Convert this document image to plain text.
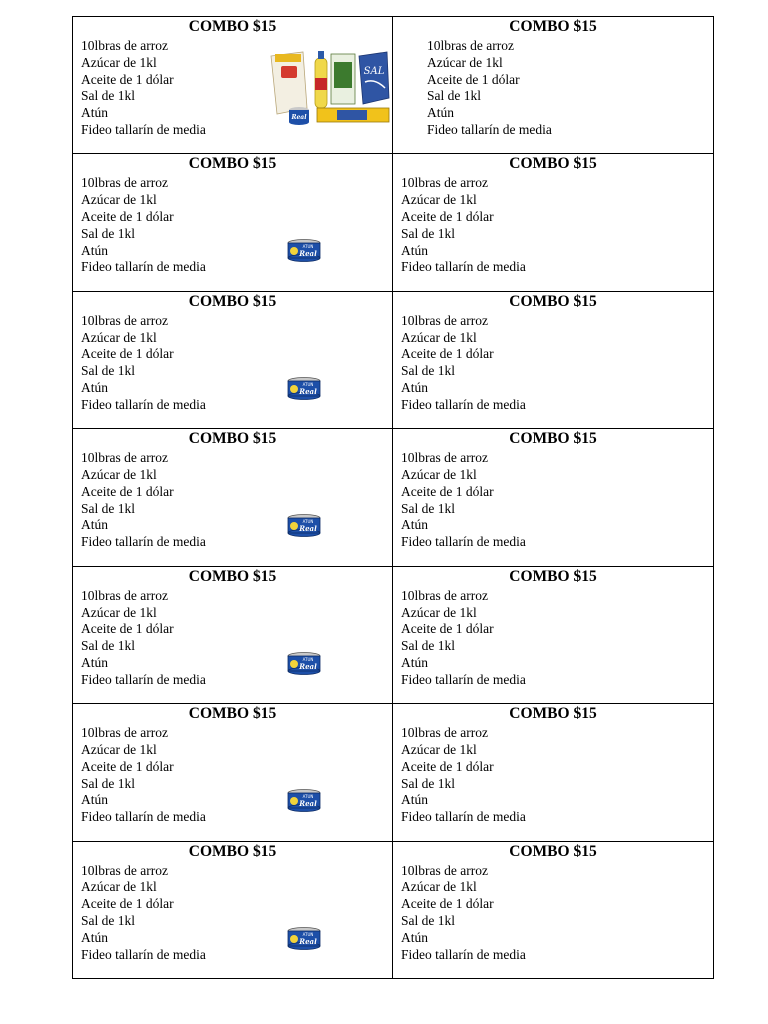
COMBO $15
10lbras de arroz
Azúcar de 1kl
Aceite de 1 dólar
Sal de 1kl
Atún
Fideo tallarín de media
SAL
Real
COMBO $15
10lbras de arroz
Azúcar de 1kl
Aceite de 1 dólar
Sal de 1kl
Atún
Fideo tallarín de media
COMBO $15
10lbras de arroz
Azúcar de 1kl
Aceite de 1 dólar
Sal de 1kl
Atún
Fideo tallarín de media
ATUN
Real
COMBO $15
10lbras de arroz
Azúcar de 1kl
Aceite de 1 dólar
Sal de 1kl
Atún
Fideo tallarín de media
COMBO $15
10lbras de arroz
Azúcar de 1kl
Aceite de 1 dólar
Sal de 1kl
Atún
Fideo tallarín de media
ATUN
Real
COMBO $15
10lbras de arroz
Azúcar de 1kl
Aceite de 1 dólar
Sal de 1kl
Atún
Fideo tallarín de media
COMBO $15
10lbras de arroz
Azúcar de 1kl
Aceite de 1 dólar
Sal de 1kl
Atún
Fideo tallarín de media
ATUN
Real
COMBO $15
10lbras de arroz
Azúcar de 1kl
Aceite de 1 dólar
Sal de 1kl
Atún
Fideo tallarín de media
COMBO $15
10lbras de arroz
Azúcar de 1kl
Aceite de 1 dólar
Sal de 1kl
Atún
Fideo tallarín de media
ATUN
Real
COMBO $15
10lbras de arroz
Azúcar de 1kl
Aceite de 1 dólar
Sal de 1kl
Atún
Fideo tallarín de media
COMBO $15
10lbras de arroz
Azúcar de 1kl
Aceite de 1 dólar
Sal de 1kl
Atún
Fideo tallarín de media
ATUN
Real
COMBO $15
10lbras de arroz
Azúcar de 1kl
Aceite de 1 dólar
Sal de 1kl
Atún
Fideo tallarín de media
COMBO $15
10lbras de arroz
Azúcar de 1kl
Aceite de 1 dólar
Sal de 1kl
Atún
Fideo tallarín de media
ATUN
Real
COMBO $15
10lbras de arroz
Azúcar de 1kl
Aceite de 1 dólar
Sal de 1kl
Atún
Fideo tallarín de media
